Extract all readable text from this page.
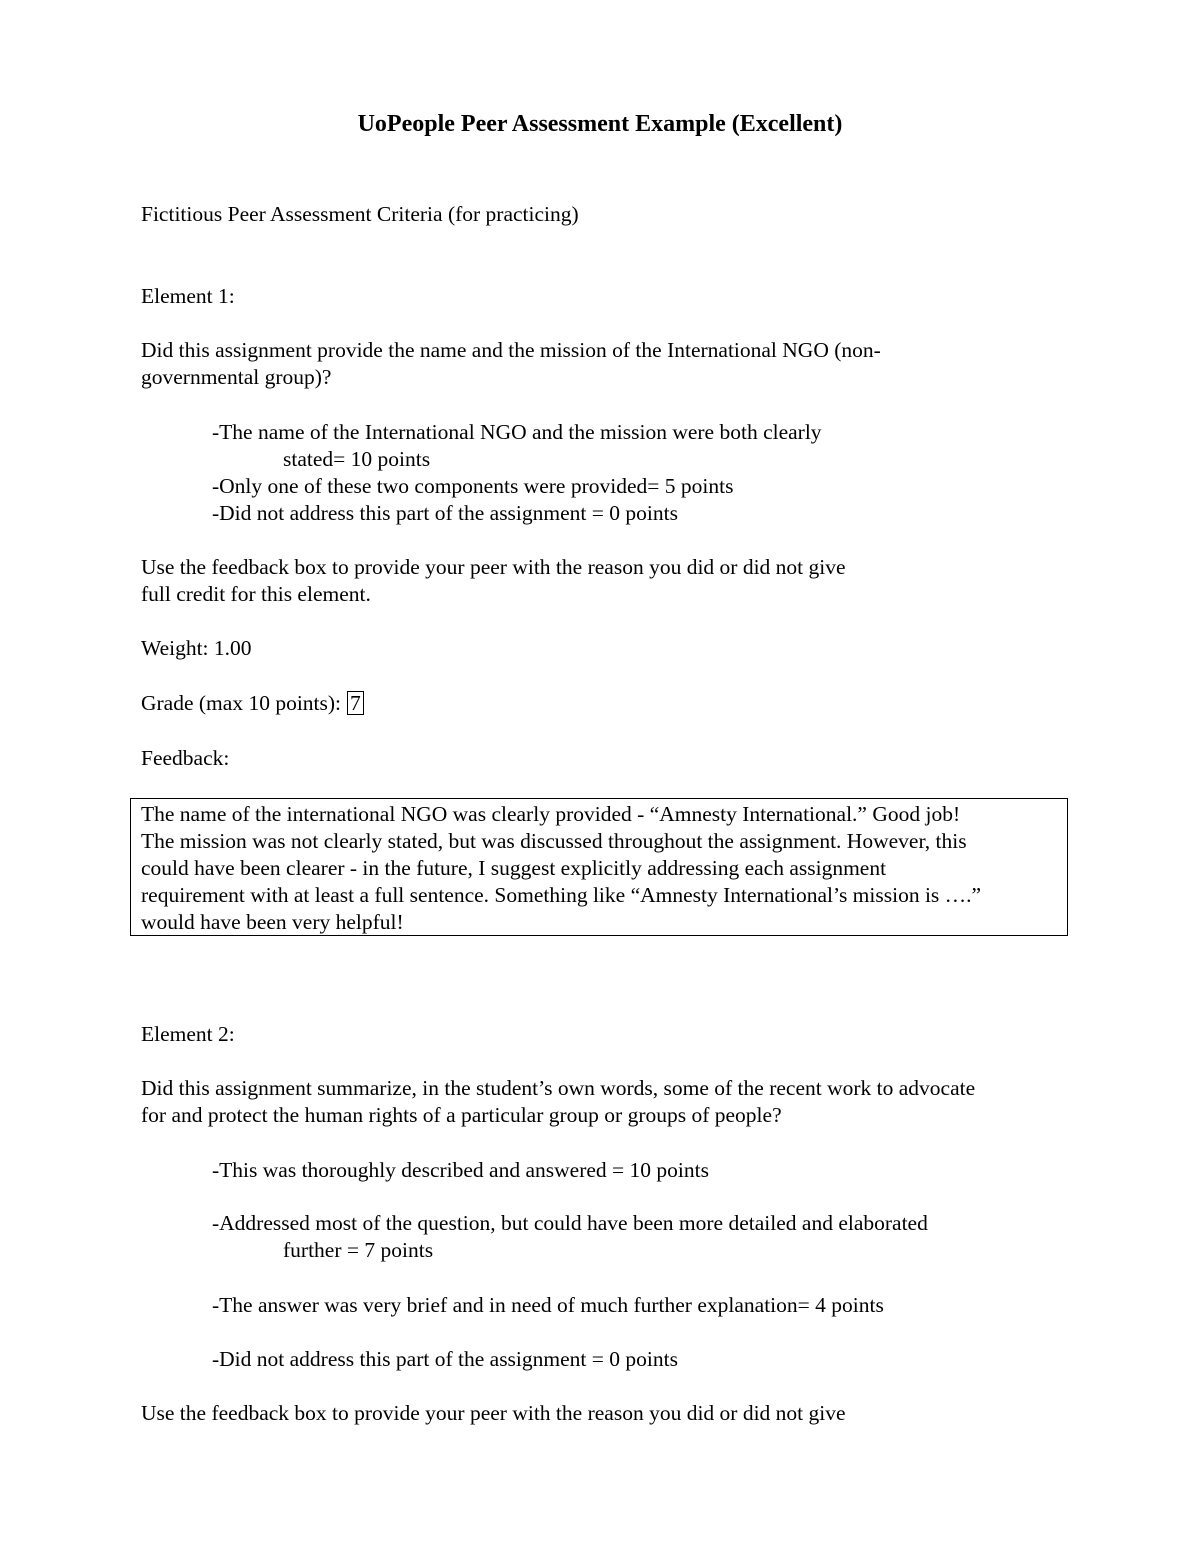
UoPeople Peer Assessment Example (Excellent)
Fictitious Peer Assessment Criteria (for practicing)
Element 1:
Did this assignment provide the name and the mission of the International NGO (non-
governmental group)?
-The name of the International NGO and the mission were both clearly
stated= 10 points
-Only one of these two components were provided= 5 points
-Did not address this part of the assignment = 0 points
Use the feedback box to provide your peer with the reason you did or did not give
full credit for this element.
Weight: 1.00
Grade (max 10 points): 7
Feedback:
The name of the international NGO was clearly provided - “Amnesty International.” Good job!
The mission was not clearly stated, but was discussed throughout the assignment. However, this
could have been clearer - in the future, I suggest explicitly addressing each assignment
requirement with at least a full sentence. Something like “Amnesty International’s mission is ….”
would have been very helpful!
Element 2:
Did this assignment summarize, in the student’s own words, some of the recent work to advocate
for and protect the human rights of a particular group or groups of people?
-This was thoroughly described and answered = 10 points
-Addressed most of the question, but could have been more detailed and elaborated
further = 7 points
-The answer was very brief and in need of much further explanation= 4 points
-Did not address this part of the assignment = 0 points
Use the feedback box to provide your peer with the reason you did or did not give
